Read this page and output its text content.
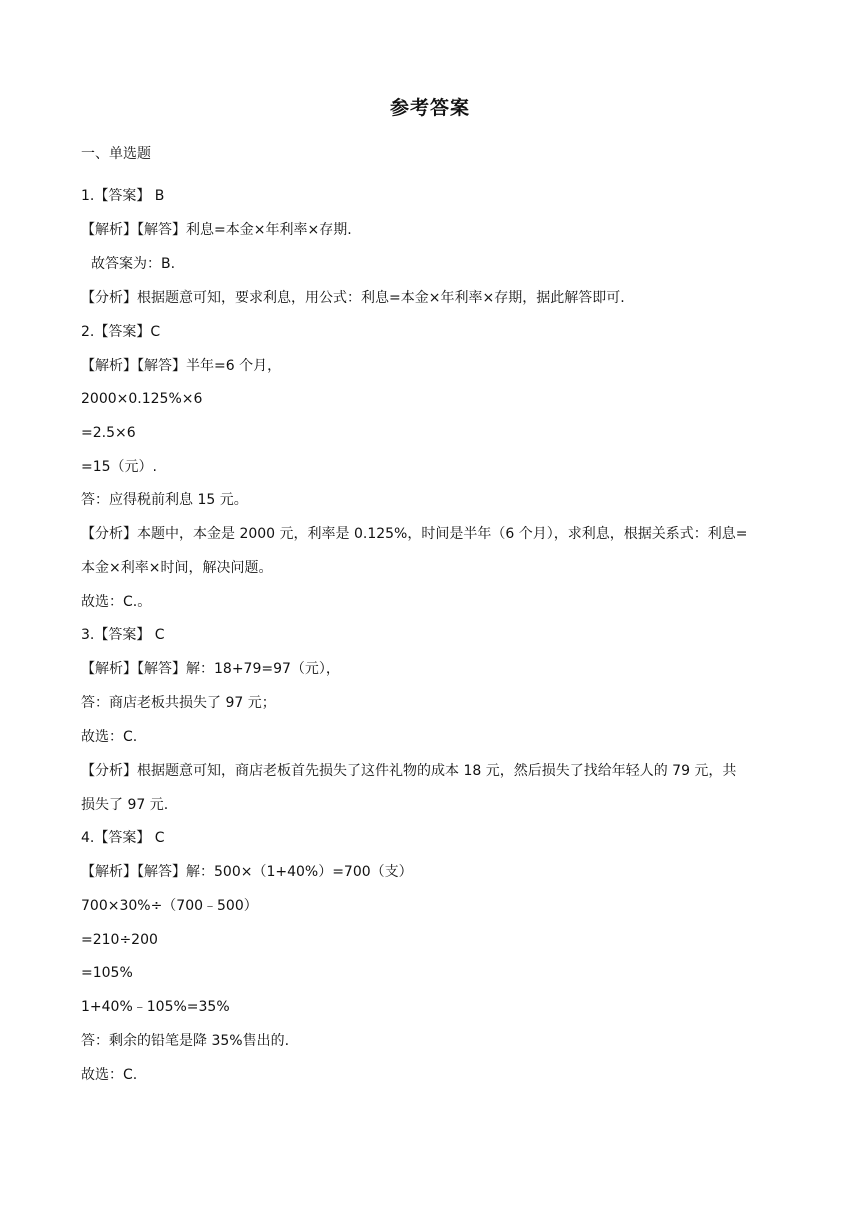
参考答案
一、单选题
1.【答案】 B
【解析】【解答】利息=本金×年利率×存期.
故答案为：B.
【分析】根据题意可知，要求利息，用公式：利息=本金×年利率×存期，据此解答即可.
2.【答案】C
【解析】【解答】半年=6 个月，
2000×0.125%×6
=2.5×6
=15（元）.
答：应得税前利息 15 元。
【分析】本题中，本金是 2000 元，利率是 0.125%，时间是半年（6 个月），求利息，根据关系式：利息=
本金×利率×时间，解决问题。
故选：C.。
3.【答案】 C
【解析】【解答】解：18+79=97（元），
答：商店老板共损失了 97 元；
故选：C.
【分析】根据题意可知，商店老板首先损失了这件礼物的成本 18 元，然后损失了找给年轻人的 79 元，共
损失了 97 元.
4.【答案】 C
【解析】【解答】解：500×（1+40%）=700（支）
700×30%÷（700﹣500）
=210÷200
=105%
1+40%﹣105%=35%
答：剩余的铅笔是降 35%售出的.
故选：C.
